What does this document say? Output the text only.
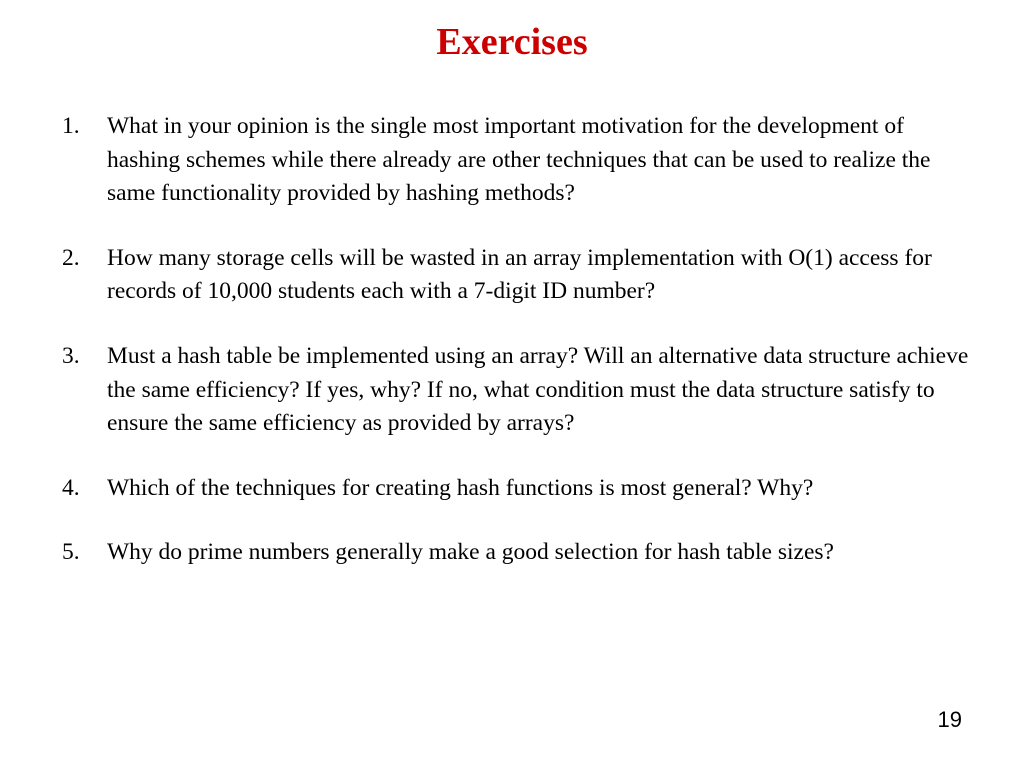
Exercises
1. What in your opinion is the single most important motivation for the development of hashing schemes while there already are other techniques that can be used to realize the same functionality provided by hashing methods?
2. How many storage cells will be wasted in an array implementation with O(1) access for records of 10,000 students each with a 7-digit ID number?
3. Must a hash table be implemented using an array? Will an alternative data structure achieve the same efficiency? If yes, why? If no, what condition must the data structure satisfy to ensure the same efficiency as provided by arrays?
4. Which of the techniques for creating hash functions is most general? Why?
5. Why do prime numbers generally make a good selection for hash table sizes?
19
